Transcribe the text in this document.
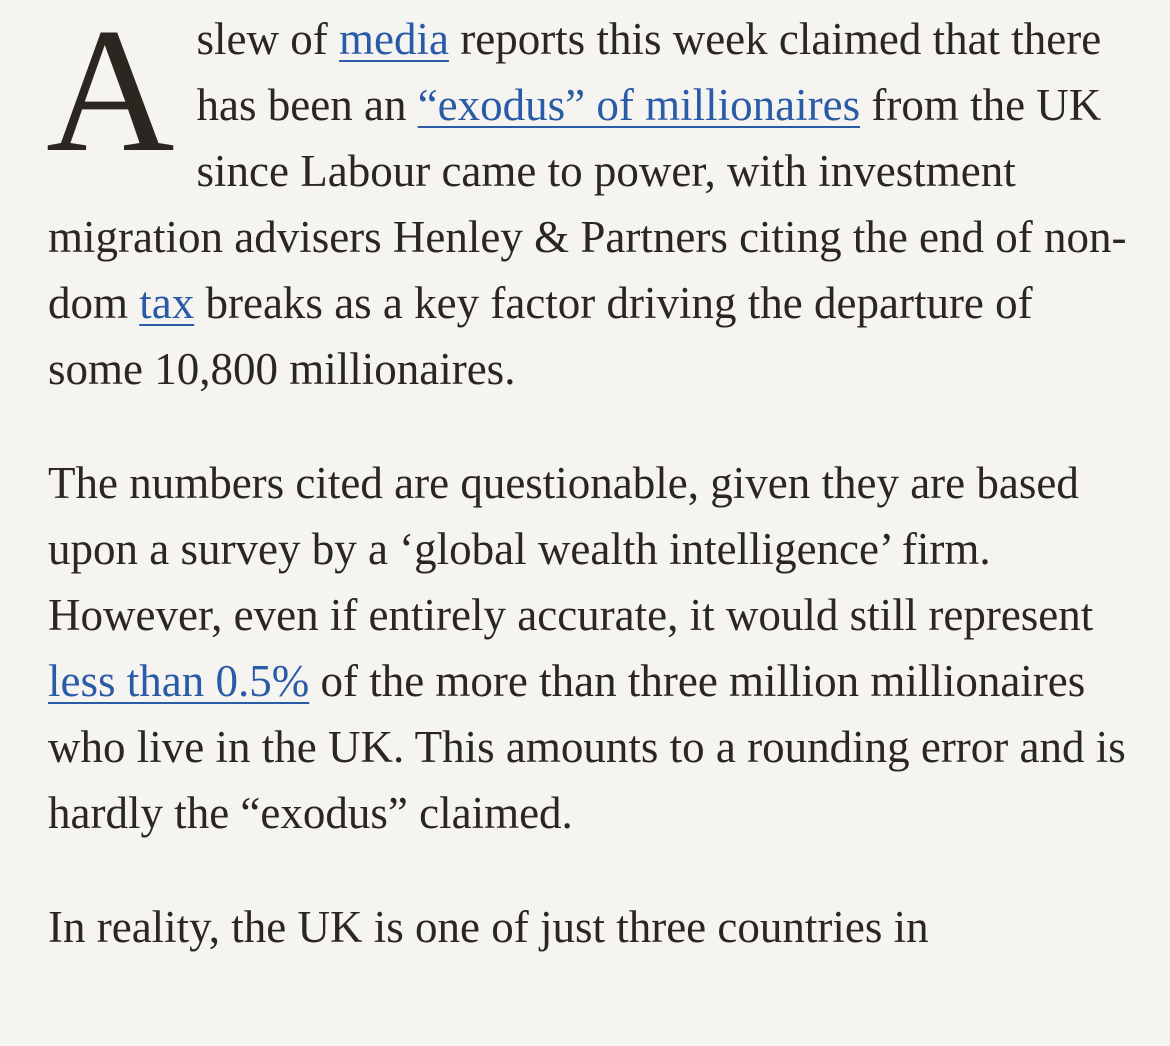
Aslew of media reports this week claimed that there has been an “exodus” of millionaires from the UK since Labour came to power, with investment migration advisers Henley & Partners citing the end of non-dom tax breaks as a key factor driving the departure of some 10,800 millionaires.

The numbers cited are questionable, given they are based upon a survey by a ‘global wealth intelligence’ firm. However, even if entirely accurate, it would still represent less than 0.5% of the more than three million millionaires who live in the UK. This amounts to a rounding error and is hardly the “exodus” claimed.

In reality, the UK is one of just three countries in
